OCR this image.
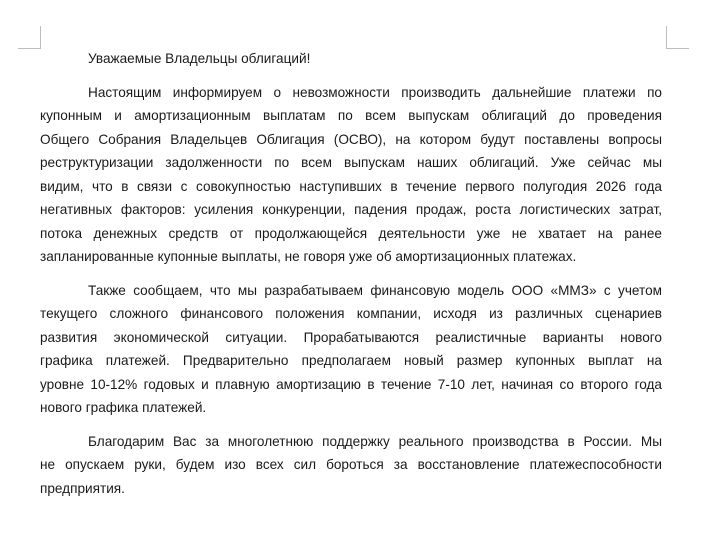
Уважаемые Владельцы облигаций!

Настоящим информируем о невозможности производить дальнейшие платежи по
купонным и амортизационным выплатам по всем выпускам облигаций до проведения
Общего Собрания Владельцев Облигация (ОСВО), на котором будут поставлены вопросы
реструктуризации задолженности по всем выпускам наших облигаций. Уже сейчас мы
видим, что в связи с совокупностью наступивших в течение первого полугодия 2026 года
негативных факторов: усиления конкуренции, падения продаж, роста логистических затрат,
потока денежных средств от продолжающейся деятельности уже не хватает на ранее
запланированные купонные выплаты, не говоря уже об амортизационных платежах.

Также сообщаем, что мы разрабатываем финансовую модель ООО «ММЗ» с учетом
текущего сложного финансового положения компании, исходя из различных сценариев
развития экономической ситуации. Прорабатываются реалистичные варианты нового
графика платежей. Предварительно предполагаем новый размер купонных выплат на
уровне 10-12% годовых и плавную амортизацию в течение 7-10 лет, начиная со второго года
нового графика платежей.

Благодарим Вас за многолетнюю поддержку реального производства в России. Мы
не опускаем руки, будем изо всех сил бороться за восстановление платежеспособности
предприятия.
